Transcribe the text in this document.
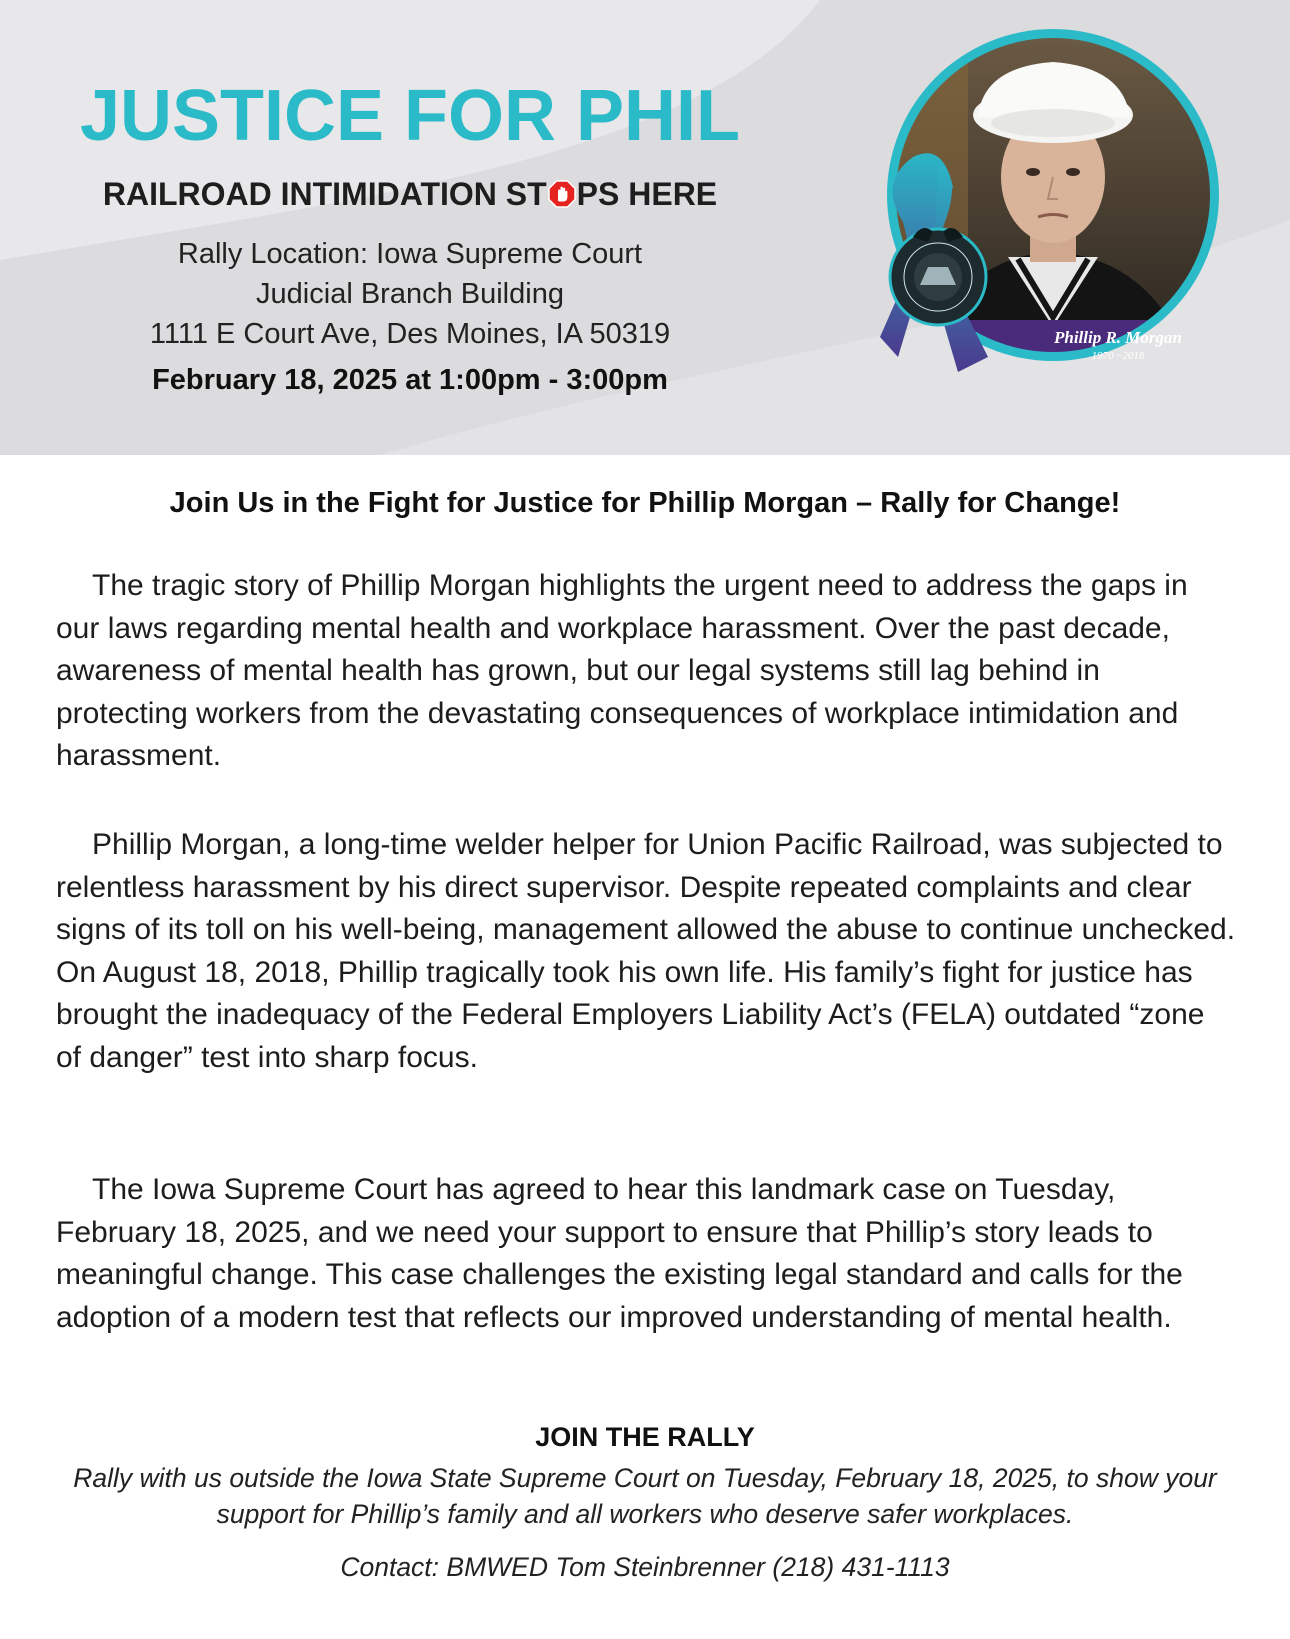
JUSTICE FOR PHIL
RAILROAD INTIMIDATION ST PS HERE
Rally Location: Iowa Supreme Court
Judicial Branch Building
1111 E Court Ave, Des Moines, IA 50319
February 18, 2025 at 1:00pm - 3:00pm
Phillip R. Morgan
1970 ~2018
Join Us in the Fight for Justice for Phillip Morgan – Rally for Change!

The tragic story of Phillip Morgan highlights the urgent need to address the gaps in our laws regarding mental health and workplace harassment. Over the past decade, awareness of mental health has grown, but our legal systems still lag behind in protecting workers from the devastating consequences of workplace intimidation and harassment.

Phillip Morgan, a long-time welder helper for Union Pacific Railroad, was subjected to relentless harassment by his direct supervisor. Despite repeated complaints and clear signs of its toll on his well-being, management allowed the abuse to continue unchecked. On August 18, 2018, Phillip tragically took his own life. His family’s fight for justice has brought the inadequacy of the Federal Employers Liability Act’s (FELA) outdated “zone of danger” test into sharp focus.

The Iowa Supreme Court has agreed to hear this landmark case on Tuesday, February 18, 2025, and we need your support to ensure that Phillip’s story leads to meaningful change. This case challenges the existing legal standard and calls for the adoption of a modern test that reflects our improved understanding of mental health.

JOIN THE RALLY
Rally with us outside the Iowa State Supreme Court on Tuesday, February 18, 2025, to show your support for Phillip’s family and all workers who deserve safer workplaces.
Contact: BMWED Tom Steinbrenner (218) 431-1113
